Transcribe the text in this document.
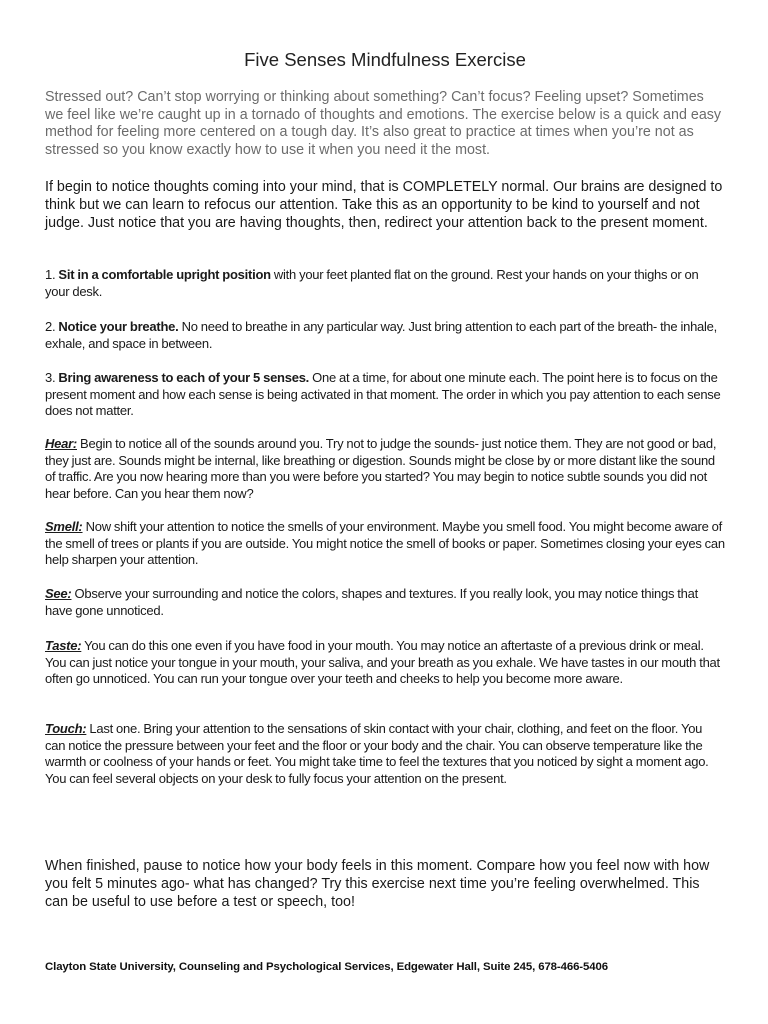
Five Senses Mindfulness Exercise

Stressed out? Can’t stop worrying or thinking about something? Can’t focus? Feeling upset? Sometimes we feel like we’re caught up in a tornado of thoughts and emotions. The exercise below is a quick and easy method for feeling more centered on a tough day. It’s also great to practice at times when you’re not as stressed so you know exactly how to use it when you need it the most.

If begin to notice thoughts coming into your mind, that is COMPLETELY normal. Our brains are designed to think but we can learn to refocus our attention. Take this as an opportunity to be kind to yourself and not judge. Just notice that you are having thoughts, then, redirect your attention back to the present moment.

1. Sit in a comfortable upright position with your feet planted flat on the ground. Rest your hands on your thighs or on your desk.

2. Notice your breathe. No need to breathe in any particular way. Just bring attention to each part of the breath- the inhale, exhale, and space in between.

3. Bring awareness to each of your 5 senses. One at a time, for about one minute each. The point here is to focus on the present moment and how each sense is being activated in that moment. The order in which you pay attention to each sense does not matter.

Hear: Begin to notice all of the sounds around you. Try not to judge the sounds- just notice them. They are not good or bad, they just are. Sounds might be internal, like breathing or digestion. Sounds might be close by or more distant like the sound of traffic. Are you now hearing more than you were before you started? You may begin to notice subtle sounds you did not hear before. Can you hear them now?

Smell: Now shift your attention to notice the smells of your environment. Maybe you smell food. You might become aware of the smell of trees or plants if you are outside. You might notice the smell of books or paper. Sometimes closing your eyes can help sharpen your attention.

See: Observe your surrounding and notice the colors, shapes and textures. If you really look, you may notice things that have gone unnoticed.

Taste: You can do this one even if you have food in your mouth. You may notice an aftertaste of a previous drink or meal. You can just notice your tongue in your mouth, your saliva, and your breath as you exhale. We have tastes in our mouth that often go unnoticed. You can run your tongue over your teeth and cheeks to help you become more aware.

Touch: Last one. Bring your attention to the sensations of skin contact with your chair, clothing, and feet on the floor. You can notice the pressure between your feet and the floor or your body and the chair. You can observe temperature like the warmth or coolness of your hands or feet. You might take time to feel the textures that you noticed by sight a moment ago. You can feel several objects on your desk to fully focus your attention on the present.

When finished, pause to notice how your body feels in this moment. Compare how you feel now with how you felt 5 minutes ago- what has changed? Try this exercise next time you’re feeling overwhelmed. This can be useful to use before a test or speech, too!

Clayton State University, Counseling and Psychological Services, Edgewater Hall, Suite 245, 678-466-5406
